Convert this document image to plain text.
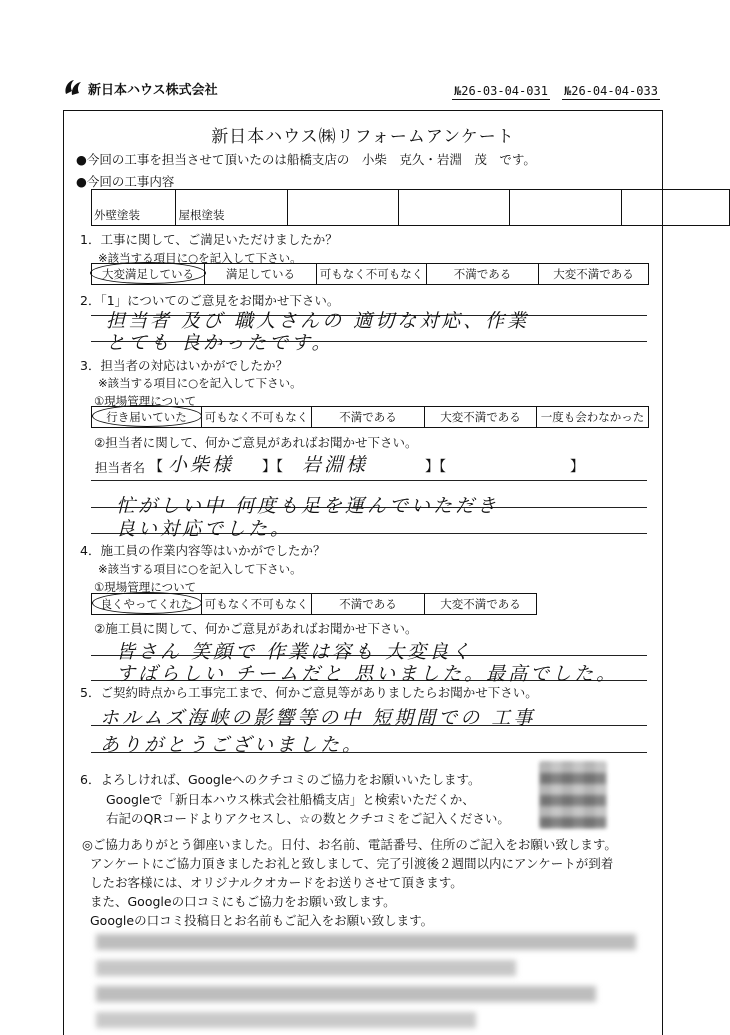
新日本ハウス株式会社	№26-03-04-031 №26-04-04-033
新日本ハウス㈱リフォームアンケート
●今回の工事を担当させて頂いたのは船橋支店の　小柴　克久・岩淵　茂　です。
●今回の工事内容
外壁塗装	屋根塗装				
1．工事に関して、ご満足いただけましたか？
※該当する項目に○を記入して下さい。
大変満足している	満足している	可もなく不可もなく	不満である	大変不満である
2．「1」についてのご意見をお聞かせ下さい。
担当者 及び 職人さんの 適切な対応、作業
とても 良かったです。
3．担当者の対応はいかがでしたか？
※該当する項目に○を記入して下さい。
①現場管理について
行き届いていた	可もなく不可もなく	不満である	大変不満である	一度も会わなかった
②担当者に関して、何かご意見があればお聞かせ下さい。
担当者名 【 小柴様 】【 岩淵様	】【	】
忙がしい中 何度も足を運んでいただき
良い対応でした。
4．施工員の作業内容等はいかがでしたか？
※該当する項目に○を記入して下さい。
①現場管理について
良くやってくれた	可もなく不可もなく	不満である	大変不満である
②施工員に関して、何かご意見があればお聞かせ下さい。
皆さん 笑顔で 作業は容も 大変良く
すばらしい チームだと 思いました。最高でした。
5．ご契約時点から工事完工まで、何かご意見等がありましたらお聞かせ下さい。
ホルムズ海峡の影響等の中 短期間での 工事
ありがとうございました。
6．よろしければ、Googleへのクチコミのご協力をお願いいたします。
Googleで「新日本ハウス株式会社船橋支店」と検索いただくか、
右記のQRコードよりアクセスし、☆の数とクチコミをご記入ください。
◎ご協力ありがとう御座いました。日付、お名前、電話番号、住所のご記入をお願い致します。
アンケートにご協力頂きましたお礼と致しまして、完了引渡後２週間以内にアンケートが到着
したお客様には、オリジナルクオカードをお送りさせて頂きます。
また、Googleの口コミにもご協力をお願い致します。
Googleの口コミ投稿日とお名前もご記入をお願い致します。
